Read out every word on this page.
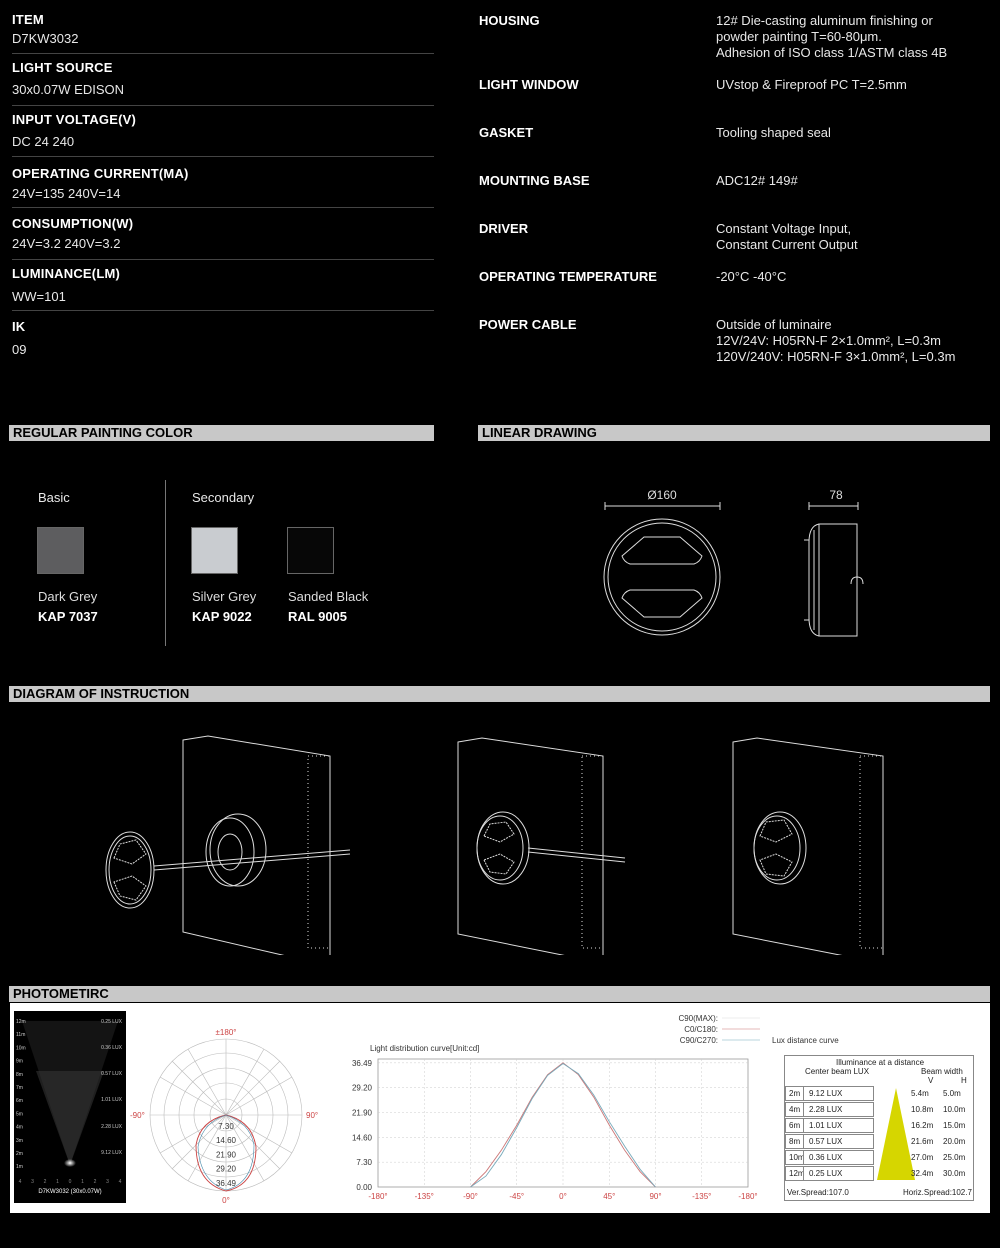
ITEM
D7KW3032
LIGHT SOURCE
30x0.07W EDISON
INPUT VOLTAGE(V)
DC 24 240
OPERATING CURRENT(MA)
24V=135 240V=14
CONSUMPTION(W)
24V=3.2 240V=3.2
LUMINANCE(LM)
WW=101
IK
09
HOUSING	12# Die-casting aluminum finishing or
powder painting T=60-80μm.
Adhesion of ISO class 1/ASTM class 4B
LIGHT WINDOW	UVstop & Fireproof PC T=2.5mm
GASKET	Tooling shaped seal
MOUNTING BASE	ADC12# 149#
DRIVER	Constant Voltage Input,
Constant Current Output
OPERATING TEMPERATURE	-20°C -40°C
POWER CABLE	Outside of luminaire
12V/24V: H05RN-F 2×1.0mm², L=0.3m
120V/240V: H05RN-F 3×1.0mm², L=0.3m
REGULAR PAINTING COLOR	LINEAR DRAWING
Basic	Secondary
Dark Grey
KAP 7037
Silver Grey
KAP 9022
Sanded Black
RAL 9005
Ø160	78
DIAGRAM OF INSTRUCTION
PHOTOMETIRC
12m
11m
10m
9m
8m
7m
6m
5m
4m
3m
2m
1m
0.25 LUX
0.36 LUX
0.57 LUX
1.01 LUX
2.28 LUX
9.12 LUX
4 3 2 1 0 1 2 3 4
D7KW3032 (30x0.07W)
±180°
-90°	90°
0°
7.30
14.60
21.90
29.20
36.49
C90(MAX):
C0/C180:
C90/C270:
Light distribution curve[Unit:cd]
0.00
7.30
14.60
21.90
29.20
36.49
-180°	-135°	-90°	-45°	0°	45°	90°	-135°	-180°
Lux distance curve
Illuminance at a distance
Center beam LUX	Beam width
V	H
2m 9.12 LUX	5.4m 5.0m
4m 2.28 LUX	10.8m 10.0m
6m 1.01 LUX	16.2m 15.0m
8m 0.57 LUX	21.6m 20.0m
10m 0.36 LUX	27.0m 25.0m
12m 0.25 LUX	32.4m 30.0m
Ver.Spread:107.0	Horiz.Spread:102.7
